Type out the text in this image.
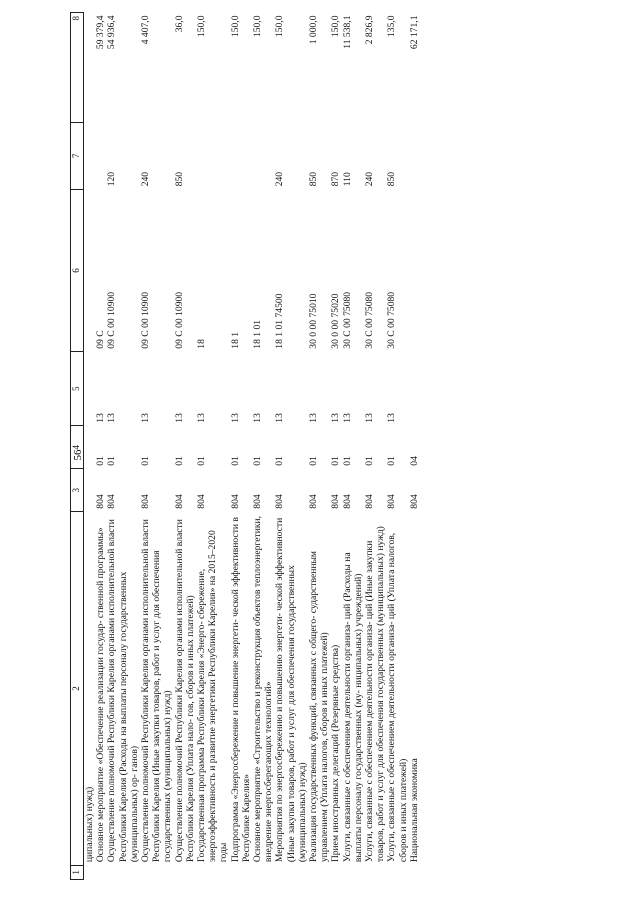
56
1	2	3	4	5	6	7	8
	ципальных) нужд)						
	Основное мероприятие «Обеспечение реализации государ- ственной программы»	804	01	13	09 С		59 379,4
	Осуществление полномочий Республики Карелия органами исполнительной власти Республики Карелия (Расходы на выплаты персоналу государственных (муниципальных) ор- ганов)	804	01	13	09 С 00 10900	120	54 936,4
	Осуществление полномочий Республики Карелия органами исполнительной власти Республики Карелия (Иные закупки товаров, работ и услуг для обеспечения государственных (муниципальных) нужд)	804	01	13	09 С 00 10900	240	4 407,0
	Осуществление полномочий Республики Карелия органами исполнительной власти Республики Карелия (Уплата нало- гов, сборов и иных платежей)	804	01	13	09 С 00 10900	850	36,0
	Государственная программа Республики Карелия «Энерго- сбережение, энергоэффективность и развитие энергетики Республики Карелия» на 2015–2020 годы	804	01	13	18		150,0
	Подпрограмма «Энергосбережение и повышение энергети- ческой эффективности в Республике Карелия»	804	01	13	18 1		150,0
	Основное мероприятие «Строительство и реконструкция объектов теплоэнергетики, внедрение энергосберегающих технологий»	804	01	13	18 1 01		150,0
	Мероприятия по энергосбережению и повышению энергети- ческой эффективности (Иные закупки товаров, работ и услуг для обеспечения государственных (муниципальных) нужд)	804	01	13	18 1 01 74500	240	150,0
	Реализация государственных функций, связанных с общего- сударственным управлением (Уплата налогов, сборов и иных платежей)	804	01	13	30 0 00 75010	850	1 000,0
	Прием иностранных делегаций (Резервные средства)	804	01	13	30 0 00 75020	870	150,0
	Услуги, связанные с обеспечением деятельности организа- ций (Расходы на выплаты персоналу государственных (му- ниципальных) учреждений)	804	01	13	30 С 00 75080	110	11 538,1
	Услуги, связанные с обеспечением деятельности организа- ций (Иные закупки товаров, работ и услуг для обеспечения государственных (муниципальных) нужд)	804	01	13	30 С 00 75080	240	2 826,9
	Услуги, связанные с обеспечением деятельности организа- ций (Уплата налогов, сборов и иных платежей)	804	01	13	30 С 00 75080	850	135,0
	Национальная экономика	804	04				62 171,1
